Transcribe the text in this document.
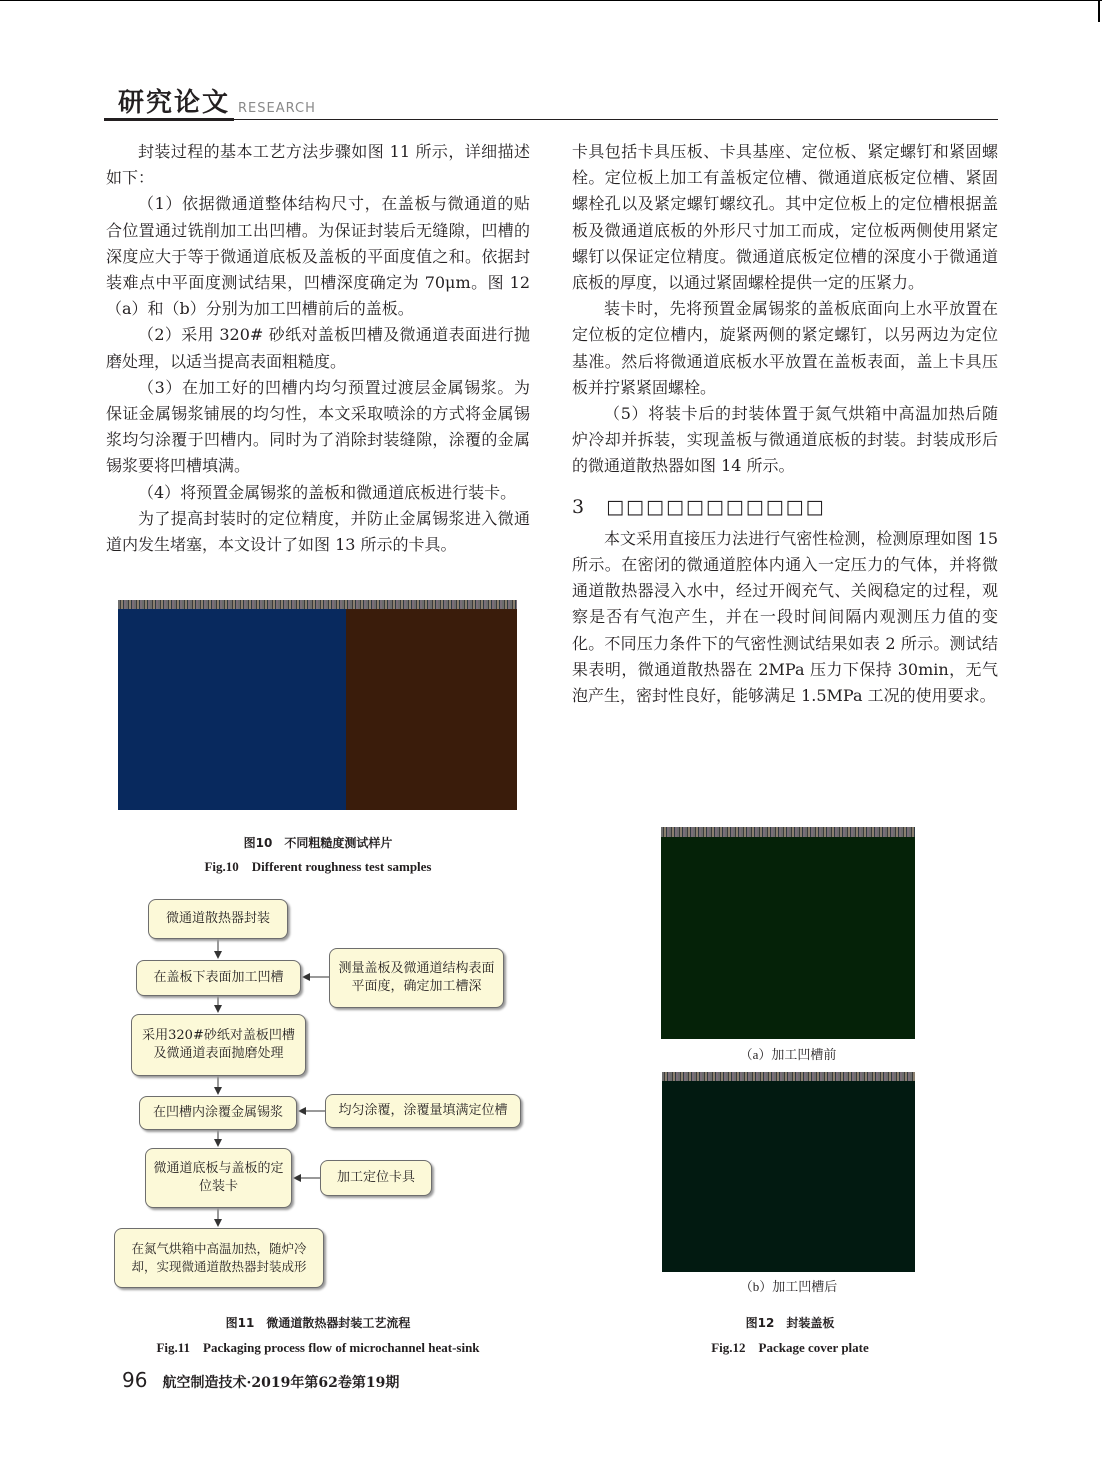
研究论文 RESEARCH

封装过程的基本工艺方法步骤如图 11 所示，详细描述如下：

（1）依据微通道整体结构尺寸，在盖板与微通道的贴合位置通过铣削加工出凹槽。为保证封装后无缝隙，凹槽的深度应大于等于微通道底板及盖板的平面度值之和。依据封装难点中平面度测试结果，凹槽深度确定为 70μm。图 12（a）和（b）分别为加工凹槽前后的盖板。

（2）采用 320# 砂纸对盖板凹槽及微通道表面进行抛磨处理，以适当提高表面粗糙度。

（3）在加工好的凹槽内均匀预置过渡层金属锡浆。为保证金属锡浆铺展的均匀性，本文采取喷涂的方式将金属锡浆均匀涂覆于凹槽内。同时为了消除封装缝隙，涂覆的金属锡浆要将凹槽填满。

（4）将预置金属锡浆的盖板和微通道底板进行装卡。

为了提高封装时的定位精度，并防止金属锡浆进入微通道内发生堵塞，本文设计了如图 13 所示的卡具。

卡具包括卡具压板、卡具基座、定位板、紧定螺钉和紧固螺栓。定位板上加工有盖板定位槽、微通道底板定位槽、紧固螺栓孔以及紧定螺钉螺纹孔。其中定位板上的定位槽根据盖板及微通道底板的外形尺寸加工而成，定位板两侧使用紧定螺钉以保证定位精度。微通道底板定位槽的深度小于微通道底板的厚度，以通过紧固螺栓提供一定的压紧力。

装卡时，先将预置金属锡浆的盖板底面向上水平放置在定位板的定位槽内，旋紧两侧的紧定螺钉，以另两边为定位基准。然后将微通道底板水平放置在盖板表面，盖上卡具压板并拧紧紧固螺栓。

（5）将装卡后的封装体置于氮气烘箱中高温加热后随炉冷却并拆装，实现盖板与微通道底板的封装。封装成形后的微通道散热器如图 14 所示。

3 □□□□□□□□□□□

本文采用直接压力法进行气密性检测，检测原理如图 15 所示。在密闭的微通道腔体内通入一定压力的气体，并将微通道散热器浸入水中，经过开阀充气、关阀稳定的过程，观察是否有气泡产生，并在一段时间间隔内观测压力值的变化。不同压力条件下的气密性测试结果如表 2 所示。测试结果表明，微通道散热器在 2MPa 压力下保持 30min，无气泡产生，密封性良好，能够满足 1.5MPa 工况的使用要求。

图10　不同粗糙度测试样片
Fig.10　Different roughness test samples
微通道散热器封装
在盖板下表面加工凹槽
采用320#砂纸对盖板凹槽及微通道表面抛磨处理
在凹槽内涂覆金属锡浆
微通道底板与盖板的定位装卡
在氮气烘箱中高温加热，随炉冷却，实现微通道散热器封装成形
测量盖板及微通道结构表面平面度，确定加工槽深
均匀涂覆，涂覆量填满定位槽
加工定位卡具
图11　微通道散热器封装工艺流程
Fig.11　Packaging process flow of microchannel heat-sink
（a）加工凹槽前
（b）加工凹槽后
图12　封装盖板
Fig.12　Package cover plate
96 航空制造技术·2019年第62卷第19期
